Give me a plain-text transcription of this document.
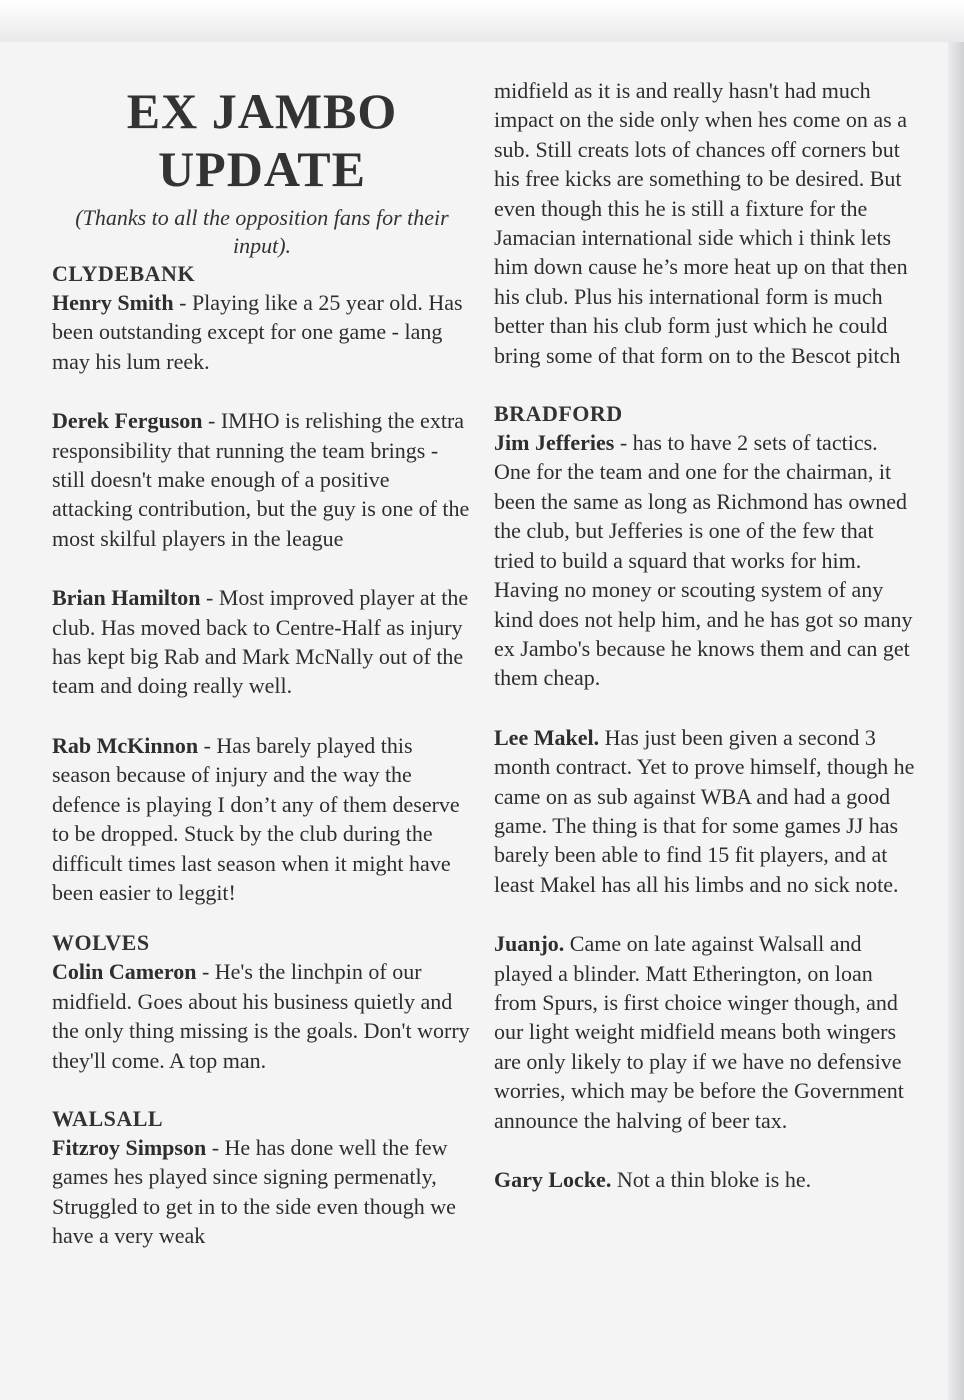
EX JAMBO
UPDATE

(Thanks to all the opposition fans for their input).

CLYDEBANK

Henry Smith - Playing like a 25 year old. Has been outstanding except for one game - lang may his lum reek.

Derek Ferguson - IMHO is relishing the extra responsibility that running the team brings - still doesn't make enough of a positive attacking contribution, but the guy is one of the most skilful players in the league

Brian Hamilton - Most improved player at the club. Has moved back to Centre-Half as injury has kept big Rab and Mark McNally out of the team and doing really well.

Rab McKinnon - Has barely played this season because of injury and the way the defence is playing I don’t any of them deserve to be dropped. Stuck by the club during the difficult times last season when it might have been easier to leggit!

WOLVES

Colin Cameron - He's the linchpin of our midfield. Goes about his business quietly and the only thing missing is the goals. Don't worry they'll come. A top man.

WALSALL

Fitzroy Simpson - He has done well the few games hes played since signing permenatly, Struggled to get in to the side even though we have a very weak

midfield as it is and really hasn't had much impact on the side only when hes come on as a sub. Still creats lots of chances off corners but his free kicks are something to be desired. But even though this he is still a fixture for the Jamacian international side which i think lets him down cause he’s more heat up on that then his club. Plus his international form is much better than his club form just which he could bring some of that form on to the Bescot pitch

BRADFORD

Jim Jefferies - has to have 2 sets of tactics. One for the team and one for the chairman, it been the same as long as Richmond has owned the club, but Jefferies is one of the few that tried to build a squard that works for him. Having no money or scouting system of any kind does not help him, and he has got so many ex Jambo's because he knows them and can get them cheap.

Lee Makel. Has just been given a second 3 month contract. Yet to prove himself, though he came on as sub against WBA and had a good game. The thing is that for some games JJ has barely been able to find 15 fit players, and at least Makel has all his limbs and no sick note.

Juanjo. Came on late against Walsall and played a blinder. Matt Etherington, on loan from Spurs, is first choice winger though, and our light weight midfield means both wingers are only likely to play if we have no defensive worries, which may be before the Government announce the halving of beer tax.

Gary Locke. Not a thin bloke is he.
